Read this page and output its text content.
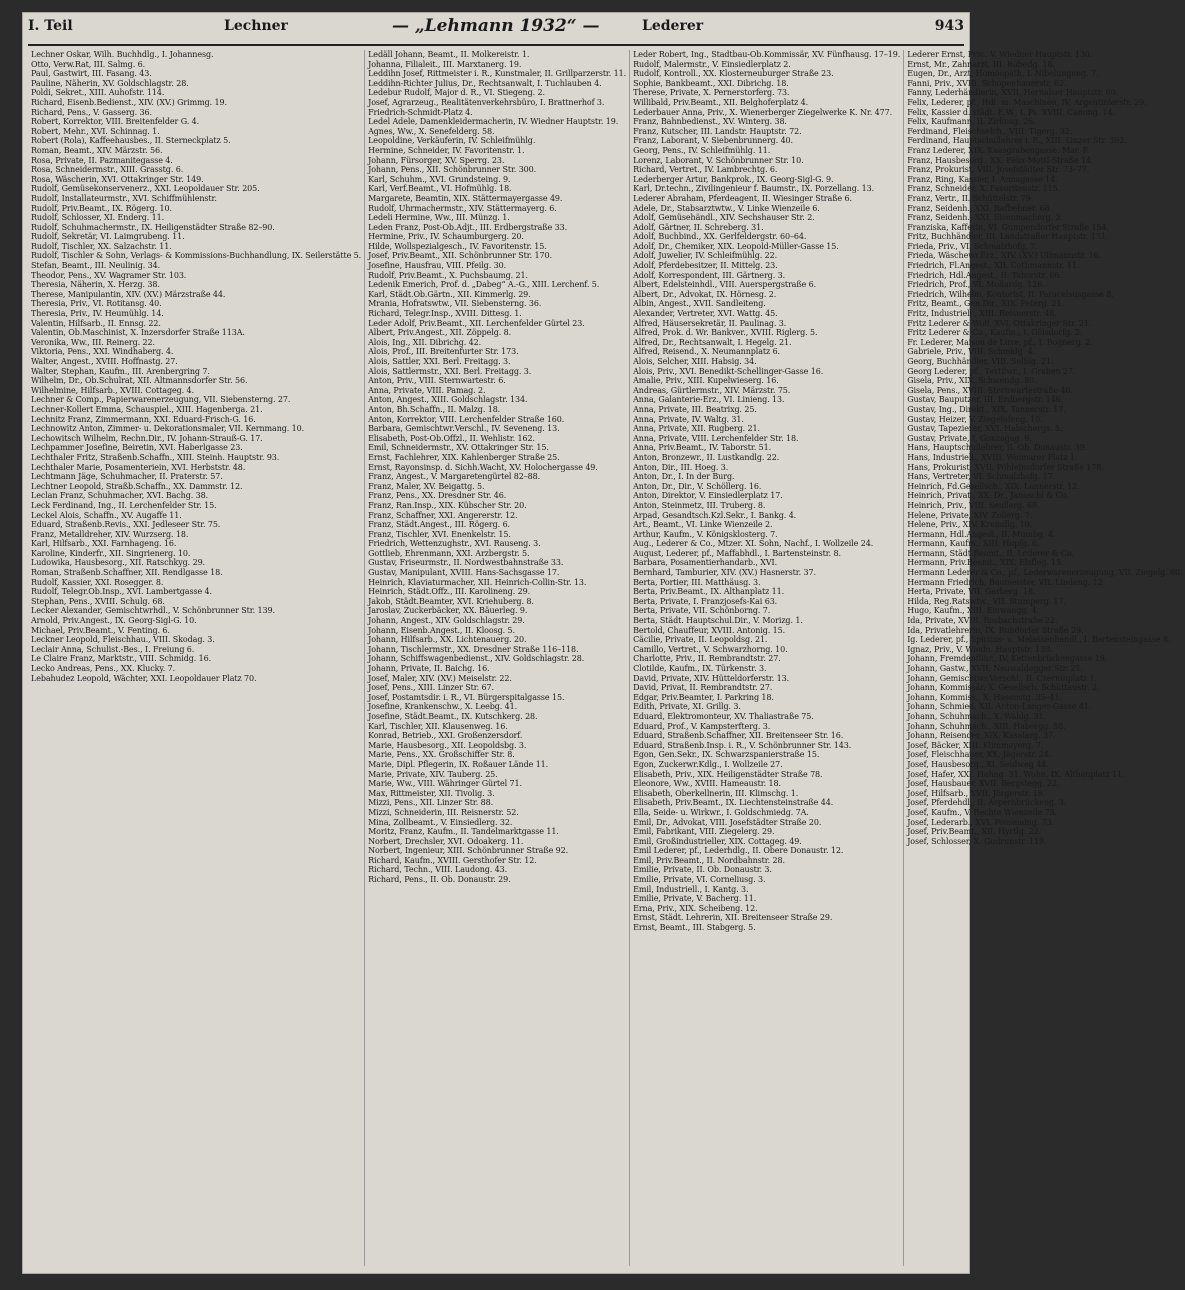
I. Teil	Lechner	— „Lehmann 1932“ —	Lederer	943
Lechner Oskar, Wilh. Buchhdlg., I. Johannesg.
Otto, Verw.Rat, III. Salmg. 6.
Paul, Gastwirt, III. Fasang. 43.
Pauline, Näherin, XV. Goldschlagstr. 28.
Poldi, Sekret., XIII. Auhofstr. 114.
Richard, Eisenb.Bedienst., XIV. (XV.) Grimmg. 19.
Richard, Pens., V. Gasserg. 36.
Robert, Korrektor, VIII. Breitenfelder G. 4.
Robert, Mehr., XVI. Schinnag. 1.
Robert (Rola), Kaffeehausbes., II. Sterneckplatz 5.
Roman, Beamt., XIV. Märzstr. 56.
Rosa, Private, II. Pazmanitegasse 4.
Rosa, Schneidermstr., XIII. Grasstg. 6.
Rosa, Wäscherin, XVI. Ottakringer Str. 149.
Rudolf, Gemüsekonservenerz., XXI. Leopoldauer Str. 205.
Rudolf, Installateurmstr., XVI. Schiffmühlenstr.
Rudolf, Priv.Beamt., IX. Rögerg. 10.
Rudolf, Schlosser, XI. Enderg. 11.
Rudolf, Schuhmachermstr., IX. Heiligenstädter Straße 82–90.
Rudolf, Sekretär, VI. Laimgrubeng. 11.
Rudolf, Tischler, XX. Salzachstr. 11.
Rudolf, Tischler & Sohn, Verlags- & Kommissions-Buchhandlung, IX. Seilerstätte 5.
Stefan, Beamt., III. Neulinig. 34.
Theodor, Pens., XV. Wagramer Str. 103.
Theresia, Näherin, X. Herzg. 38.
Therese, Manipulantin, XIV. (XV.) Märzstraße 44.
Theresia, Priv., VI. Rotitansg. 40.
Theresia, Priv., IV. Heumühlg. 14.
Valentin, Hilfsarb., II. Ennsg. 22.
Valentin, Ob.Maschinist, X. Inzersdorfer Straße 113A.
Veronika, Ww., III. Reinerg. 22.
Viktoria, Pens., XXI. Windhaberg. 4.
Walter, Angest., XVIII. Hoffnastg. 27.
Walter, Stephan, Kaufm., III. Arenbergring 7.
Wilhelm, Dr., Ob.Schulrat, XII. Altmannsdorfer Str. 56.
Wilhelmine, Hilfsarb., XVIII. Cottageg. 4.
Lechner & Comp., Papierwarenerzeugung, VII. Siebensterng. 27.
Lechner-Kollert Emma, Schauspiel., XIII. Hagenberga. 21.
Lechnitz Franz, Zimmermann, XXI. Eduard-Frisch-G. 16.
Lechnowitz Anton, Zimmer- u. Dekorationsmaler, VII. Kernmang. 10.
Lechowitsch Wilhelm, Rechn.Dir., IV. Johann-Strauß-G. 17.
Lechpammer Josefine, Beiretin, XVI. Haberlgasse 23.
Lechthaler Fritz, Straßenb.Schaffn., XIII. Steinh. Hauptstr. 93.
Lechthaler Marie, Posamenteriein, XVI. Herbststr. 48.
Lechtmann Jäge, Schuhmacher, II. Praterstr. 57.
Lechtner Leopold, Straßb.Schaffn., XX. Dammstr. 12.
Leclan Franz, Schuhmacher, XVI. Bachg. 38.
Leck Ferdinand, Ing., II. Lerchenfelder Str. 15.
Leckel Alois, Schaffn., XV. Augaffe 11.
Eduard, Straßenb.Revis., XXI. Jedleseer Str. 75.
Franz, Metalldreher, XIV. Wurzserg. 18.
Karl, Hilfsarb., XXI. Farnhageng. 16.
Karoline, Kinderfr., XII. Singrienerg. 10.
Ludowika, Hausbesorg., XII. Ratschkyg. 29.
Roman, Straßenb.Schaffner, XII. Rendlgasse 18.
Rudolf, Kassier, XXI. Rosegger. 8.
Rudolf, Telegr.Ob.Insp., XVI. Lambertgasse 4.
Stephan, Pens., XVIII. Schulg. 68.
Lecker Alexander, Gemischtwrhdl., V. Schönbrunner Str. 139.
Arnold, Priv.Angest., IX. Georg-Sigl-G. 10.
Michael, Priv.Beamt., V. Fenting. 6.
Leckner Leopold, Fleischhau., VIII. Skodag. 3.
Leclair Anna, Schulist.-Bes., I. Freiung 6.
Le Claire Franz, Marktstr., VIII. Schmidg. 16.
Lecko Andreas, Pens., XX. Klucky. 7.
Lebahudez Leopold, Wächter, XXI. Leopoldauer Platz 70.
Ledäll Johann, Beamt., II. Molkereistr. 1.
Johanna, Filialeit., III. Marxtanerg. 19.
Leddihn Josef, Rittmeister i. R., Kunstmaler, II. Grillparzerstr. 11.
Leddihn-Richter Julius, Dr., Rechtsanwalt, I. Tuchlauben 4.
Ledebur Rudolf, Major d. R., VI. Stiegeng. 2.
Josef, Agrarzeug., Realitätenverkehrsbüro, I. Brattnerhof 3.
Friedrich-Schmidt-Platz 4.
Ledel Adele, Damenkleidermacherin, IV. Wiedner Hauptstr. 19.
Agnes, Ww., X. Senefelderg. 58.
Leopoldine, Verkäuferin, IV. Schleifmühlg.
Hermine, Schneider, IV. Favoritenstr. 1.
Johann, Fürsorger, XV. Sperrg. 23.
Johann, Pens., XII. Schönbrunner Str. 300.
Karl, Schuhm., XVI. Grundsteing. 9.
Karl, Verf.Beamt., VI. Hofmühlg. 18.
Margarete, Beamtin, XIX. Stättermayergasse 49.
Rudolf, Uhrmachermstr., XIV. Stättermayerg. 6.
Ledeli Hermine, Ww., III. Münzg. 1.
Leden Franz, Post-Ob.Adjt., III. Erdbergstraße 33.
Hermine, Priv., IV. Schaumburgerg. 20.
Hilde, Wollspezialgesch., IV. Favoritenstr. 15.
Josef, Priv.Beamt., XII. Schönbrunner Str. 170.
Josefine, Hausfrau, VIII. Pfeilg. 30.
Rudolf, Priv.Beamt., X. Puchsbaumg. 21.
Ledenik Emerich, Prof. d. „Dabeg“ A.-G., XIII. Lerchenf. 5.
Karl, Städt.Ob.Gärtn., XII. Kimmerlg. 29.
Mrania, Hofratswtw., VII. Siebensterng. 36.
Richard, Telegr.Insp., XVIII. Dittesg. 1.
Leder Adolf, Priv.Beamt., XII. Lerchenfelder Gürtel 23.
Albert, Priv.Angest., XII. Zöppelg. 8.
Alois, Ing., XII. Dibrichg. 42.
Alois, Prof., III. Breitenfurter Str. 173.
Alois, Sattler, XXI. Berl. Freitagg. 3.
Alois, Sattlermstr., XXI. Berl. Freitagg. 3.
Anton, Priv., VIII. Sternwartestr. 6.
Anna, Private, VIII. Pamag. 2.
Anton, Angest., XIII. Goldschlagstr. 134.
Anton, Bh.Schaffn., II. Malzg. 18.
Anton, Korrektor, VIII. Lerchenfelder Straße 160.
Barbara, Gemischtwr.Verschl., IV. Seveneng. 13.
Elisabeth, Post-Ob.Offzl., II. Wehlistr. 162.
Emil, Schneidermstr., XV. Ottakringer Str. 15.
Ernst, Fachlehrer, XIX. Kahlenberger Straße 25.
Ernst, Rayonsinsp. d. Sichh.Wacht, XV. Holochergasse 49.
Franz, Angest., V. Margaretengürtel 82–88.
Franz, Maler, XV. Beigattg. 5.
Franz, Pens., XX. Dresdner Str. 46.
Franz, Ran.Insp., XIX. Kübscher Str. 20.
Franz, Schaffner, XXI. Angererstr. 12.
Franz, Städt.Angest., III. Rögerg. 6.
Franz, Tischler, XVI. Enenkelstr. 15.
Friedrich, Wettenzughstr., XVI. Rauseng. 3.
Gottlieb, Ehrenmann, XXI. Arzbergstr. 5.
Gustav, Friseurmstr., II. Nordwestbahnstraße 33.
Gustav, Manipulant, XVIII. Hans-Sachsgasse 17.
Heinrich, Klaviaturmacher, XII. Heinrich-Collin-Str. 13.
Heinrich, Städt.Offz., III. Karolineng. 29.
Jakob, Städt.Beamter, XVI. Kriehuberg. 8.
Jaroslav, Zuckerbäcker, XX. Bäuerleg. 9.
Johann, Angest., XIV. Goldschlagstr. 29.
Johann, Eisenb.Angest., II. Kloosg. 5.
Johann, Hilfsarb., XX. Lichtenauerg. 20.
Johann, Tischlermstr., XX. Dresdner Straße 116–118.
Johann, Schiffswagenbedienst., XIV. Goldschlagstr. 28.
Johann, Private, II. Baichg. 16.
Josef, Maler, XIV. (XV.) Meiselstr. 22.
Josef, Pens., XIII. Linzer Str. 67.
Josef, Postamtsdir. i. R., VI. Bürgerspitalgasse 15.
Josefine, Krankenschw., X. Leebg. 41.
Josefine, Städt.Beamt., IX. Kutschkerg. 28.
Karl, Tischler, XII. Klausenweg. 16.
Konrad, Betrieb., XXI. Großenzersdorf.
Marie, Hausbesorg., XII. Leopoldsbg. 3.
Marie, Pens., XX. Großschiffer Str. 8.
Marie, Dipl. Pflegerin, IX. Roßauer Lände 11.
Marie, Private, XIV. Tauberg. 25.
Marie, Ww., VIII. Währinger Gürtel 71.
Max, Rittmeister, XII. Tivolig. 3.
Mizzi, Pens., XII. Linzer Str. 88.
Mizzi, Schneiderin, III. Reisnerstr. 52.
Mina, Zollbeamt., V. Einsiedlerg. 32.
Moritz, Franz, Kaufm., II. Tandelmarktgasse 11.
Norbert, Drechsler, XVI. Odoakerg. 11.
Norbert, Ingenieur, XIII. Schönbrunner Straße 92.
Richard, Kaufm., XVIII. Gersthofer Str. 12.
Richard, Techn., VIII. Laudong. 43.
Richard, Pens., II. Ob. Donaustr. 29.
Leder Robert, Ing., Stadtbau-Ob.Kommissär, XV. Fünfhausg. 17–19.
Rudolf, Malermstr., V. Einsiedlerplatz 2.
Rudolf, Kontroll., XX. Klosterneuburger Straße 23.
Sophie, Bankbeamt., XXI. Dibrichg. 18.
Therese, Private, X. Pernerstorferg. 73.
Willibald, Priv.Beamt., XII. Belghoferplatz 4.
Lederbauer Anna, Priv., X. Wienerberger Ziegelwerke K. Nr. 477.
Franz, Bahnbedienst., XV. Winterg. 38.
Franz, Kutscher, III. Landstr. Hauptstr. 72.
Franz, Laborant, V. Siebenbrunnerg. 40.
Georg, Pens., IV. Schleifmühlg. 11.
Lorenz, Laborant, V. Schönbrunner Str. 10.
Richard, Vertret., IV. Lambrechtg. 6.
Lederberger Artur, Bankprok., IX. Georg-Sigl-G. 9.
Karl, Dr.techn., Zivilingenieur f. Baumstr., IX. Porzellang. 13.
Lederer Abraham, Pferdeagent, II. Wiesinger Straße 6.
Adele, Dr., Stabsarztwtw., V. Linke Wienzeile 6.
Adolf, Gemüsehändl., XIV. Sechshauser Str. 2.
Adolf, Gärtner, II. Schreberg. 31.
Adolf, Buchbind., XX. Gerlfeldergstr. 60–64.
Adolf, Dr., Chemiker, XIX. Leopold-Müller-Gasse 15.
Adolf, Juwelier, IV. Schleifmühlg. 22.
Adolf, Pferdebesitzer, II. Mittelg. 23.
Adolf, Korrespondent, III. Gärtnerg. 3.
Albert, Edelsteinhdl., VIII. Auerspergstraße 6.
Albert, Dr., Advokat, IX. Hörnesg. 2.
Albin, Angest., XVII. Sandleiteng.
Alexander, Vertreter, XVI. Wattg. 45.
Alfred, Häusersekretär, II. Paulinag. 3.
Alfred, Prok. d. Wr. Bankver., XVIII. Riglerg. 5.
Alfred, Dr., Rechtsanwalt, I. Hegelg. 21.
Alfred, Reisend., X. Neumannplatz 6.
Alois, Selcher, XIII. Habsig. 34.
Alois, Priv., XVI. Benedikt-Schellinger-Gasse 16.
Amalie, Priv., XIII. Kupelwieserg. 16.
Andreas, Gürtlermstr., XIV. Märzstr. 75.
Anna, Galanterie-Erz., VI. Linieng. 13.
Anna, Private, III. Beatrixg. 25.
Anna, Private, IV. Waltg. 31.
Anna, Private, XII. Rugberg. 21.
Anna, Private, VIII. Lerchenfelder Str. 18.
Anna, Priv.Beamt., IV. Taborstr. 51.
Anton, Bronzewr., II. Lustkandlg. 22.
Anton, Dir., III. Hoeg. 3.
Anton, Dr., I. In der Burg.
Anton, Dr., Dir., V. Schöllerg. 16.
Anton, Direktor, V. Einsiedlerplatz 17.
Anton, Steinmetz, III. Truberg. 8.
Arpad, Gesandtsch.Kzl.Sekr., I. Bankg. 4.
Art., Beamt., VI. Linke Wienzeile 2.
Arthur, Kaufm., V. Königsklosterg. 7.
Aug., Lederer & Co., Mtzer. XI. Sohn, Nachf., I. Wollzeile 24.
August, Lederer, pf., Maffabhdl., I. Bartensteinstr. 8.
Barbara, Posamentierhandarb., XVI.
Bernhard, Tamburier, XIV. (XV.) Hasnerstr. 37.
Berta, Portier, III. Matthäusg. 3.
Berta, Priv.Beamt., IX. Althanplatz 11.
Berta, Private, I. Franzjosefs-Kai 63.
Berta, Private, VII. Schönborng. 7.
Berta, Städt. Hauptschul.Dir., V. Morizg. 1.
Bertold, Chauffeur, XVIII. Antonig. 15.
Cäcilie, Private, II. Leopoldsg. 21.
Camillo, Vertret., V. Schwarzhorng. 10.
Charlotte, Priv., II. Rembrandtstr. 27.
Clotilde, Kaufm., IX. Türkenstr. 3.
David, Private, XIV. Hütteldorferstr. 13.
David, Privat, II. Rembrandtstr. 27.
Edgar, Priv.Beamter, I. Parkring 18.
Edith, Private, XI. Grillg. 3.
Eduard, Elektromonteur, XV. Thaliastraße 75.
Eduard, Prof., V. Kampsterfterg. 3.
Eduard, Straßenb.Schaffner, XII. Breitenseer Str. 16.
Eduard, Straßenb.Insp. i. R., V. Schönbrunner Str. 143.
Egon, Gen.Sekr., IX. Schwarzspanierstraße 15.
Egon, Zuckerwr.Kdlg., I. Wollzeile 27.
Elisabeth, Priv., XIX. Heiligenstädter Straße 78.
Eleonore, Ww., XVIII. Hameaustr. 18.
Elisabeth, Oberkellnerin, III. Klimschg. 1.
Elisabeth, Priv.Beamt., IX. Liechtensteinstraße 44.
Ella, Seide- u. Wirkwr., I. Goldschmiedg. 7A.
Emil, Dr., Advokat, VIII. Josefstädter Straße 20.
Emil, Fabrikant, VIII. Ziegelerg. 29.
Emil, Großindustrieller, XIX. Cottageg. 49.
Emil Lederer, pf., Lederhdlg., II. Obere Donaustr. 12.
Emil, Priv.Beamt., II. Nordbahnstr. 28.
Emilie, Private, II. Ob. Donaustr. 3.
Emilie, Private, VI. Corneliusg. 3.
Emil, Industriell., I. Kantg. 3.
Emilie, Private, V. Bacherg. 11.
Erna, Priv., XIX. Scheibeng. 12.
Ernst, Städt. Lehrerin, XII. Breitenseer Straße 29.
Ernst, Beamt., III. Stabgerg. 5.
Lederer Ernst, Priv., V. Wiedner Hauptstr. 130.
Ernst, Mr., Zahnarzt, III. Rübedg. 18.
Eugen, Dr., Arzt, Homöopath, I. Nibelungeng. 7.
Fanni, Priv., XVIII. Schopenhauerstr. 62.
Fanny, Lederhändlerin, XVII. Hernalser Hauptstr. 60.
Felix, Lederer, pf., Hdl. m. Maschinen, IV. Argentinierstr. 29.
Felix, Kassier d. städt. E.W., I. Ps. XVIII. Canong. 14.
Felix, Kaufmann, II. Zirkusg. 26.
Ferdinand, Fleischselch., VIII. Tigerg. 32.
Ferdinand, Hauptschullehrer i. R., XIII. Linzer Str. 392.
Franz Lederer, XIX. Kaasgrabengasse. Mar. F.
Franz, Hausbesorg., XX. Felix-Mottl-Straße 14.
Franz, Prokurist, VIII. Josefstädter Str. 73–77.
Franz, Ring, Kassier, I. Annagasse 14.
Franz, Schneider, X. Favoritenstr. 115.
Franz, Vertr., II. Schüttelstr. 79.
Franz, Seidenh., XXI. Rafbehner. 68.
Franz, Seidenh., XXI. Eisenmacherg. 2.
Franziska, Kafferin, VI. Gumpendorfer Straße 154.
Fritz, Buchhändler, III. Landstraßer Hauptstr. 151.
Frieda, Priv., VI. Schmalzhofg. 7.
Frieda, Wäschewr.Erz., XIV. (XV.) Ullmannstr. 16.
Friedrich, Fl.Angest., XII. Cothmannstr. 11.
Friedrich, Hdl.Angest., II. Taborstr. 66.
Friedrich, Prof., VI. Mollardg. 126.
Friedrich, Wilhelm, Kontorist, II. Paracelsusgasse 8.
Fritz, Beamt., Gen.Dir., XIX. Peterg. 21.
Fritz, Industriell., XIII. Reisnerstr. 48.
Fritz Lederer & Wolf, XVI. Ottakringer Str. 21.
Fritz Lederer & Co., Kaufm., I. Gölsdorfg. 2.
Fr. Lederer, Maison de Luxe, pf., I. Bognerg. 2.
Gabriele, Priv., VIII. Schmidg. 4.
Georg, Buchhändler, VIII. Selbig. 21.
Georg Lederer, pf., Textilwr., I. Graben 27.
Gisela, Priv., XIX. Schwendg. 80.
Gisela, Pens., XVIII. Sternwartestraße 40.
Gustav, Bauputzer, III. Erdbergstr. 146.
Gustav, Ing., Direkt., XIX. Tannerstr. 17.
Gustav, Heizer, V. Ziegelofeng. 10.
Gustav, Tapezierer, XVI. Habichergs. 5.
Gustav, Private, I. Gonzagag. 9.
Hans, Hauptschullehrer, II. Ob. Donaustr. 39.
Hans, Industriell., XVIII. Weimarer Platz 1.
Hans, Prokurist, XVII. Pöhleinsdorfer Straße 178.
Hans, Vertreter, VI. Schmalzhofg. 17.
Heinrich, Fd.Gesellsch., XIX. Lannerstr. 12.
Heinrich, Privat., XX. Dr., Janoschi & Co.
Heinrich, Priv., VIII. Seidlerg. 69.
Helene, Private, XIV. Zollerg. 7.
Helene, Priv., XIV. Kreindlg. 10.
Hermann, Hdl.Angest., II. Mumbg. 4.
Hermann, Kaufm., XIII. Hopfg. 6.
Hermann, Städt.Beamt., II. Lederer & Co.
Hermann, Priv.Beamt., XIX. Elsfleg. 15.
Hermann Lederer & Co., pf., Lederwarenerzeugung, VII. Ziegelg. 60.
Hermann Friedrich, Baumeister, VII. Lindeng. 12.
Herta, Private, VII. Garberg. 18.
Hilda, Reg.Ratswtw., VII. Stumperg. 17.
Hugo, Kaufm., XIII. Einwangg. 4.
Ida, Private, XVIII. Rosbachstraße 22.
Ida, Privatlehrerin, IX. Rubdorfer Straße 29.
Ig. Lederer, pf., Spiritus- u. Melassenhandl., I. Bartensteingasse 8.
Ignaz, Priv., V. Wiedn. Hauptstr. 130.
Johann, Fremdenführ., IV. Kettenbrückengasse 19.
Johann, Gastw., XVII. Neuwaldegger Str. 21.
Johann, Gemischtwr.Verschl., II. Czerninplatz 1.
Johann, Kommissär, X. Gesellsch. Schüttaustr. 2.
Johann, Kommiss., X. Hasenstg. 35–41.
Johann, Schmied, XII. Anton-Langer-Gasse 41.
Johann, Schuhmach., X. Waldg. 31.
Johann, Schuhmach., XIII. Habergg. 50.
Johann, Reisender, XIX. Kasalarg. 37.
Josef, Bäcker, XIII. Klimmayerg. 7.
Josef, Fleischhauer, XX. Jägerstr. 24.
Josef, Hausbesorg., XI. Seidweg 44.
Josef, Hafer, XXI. Hahng. 31. Wohn. IX. Althanplatz 11.
Josef, Hausbauer, XVII. Bergstegg. 22.
Josef, Hilfsarb., XVII. Jörgerstr. 19.
Josef, Pferdehdl., II. Aspernbrückeng. 3.
Josef, Kaufm., V. Rechte Wienzeile 75.
Josef, Lederarb., XVI. Possmaing. 73.
Josef, Priv.Beamt., XII. Hyrtlg. 22.
Josef, Schlosser, X. Gudrunstr. 119.
